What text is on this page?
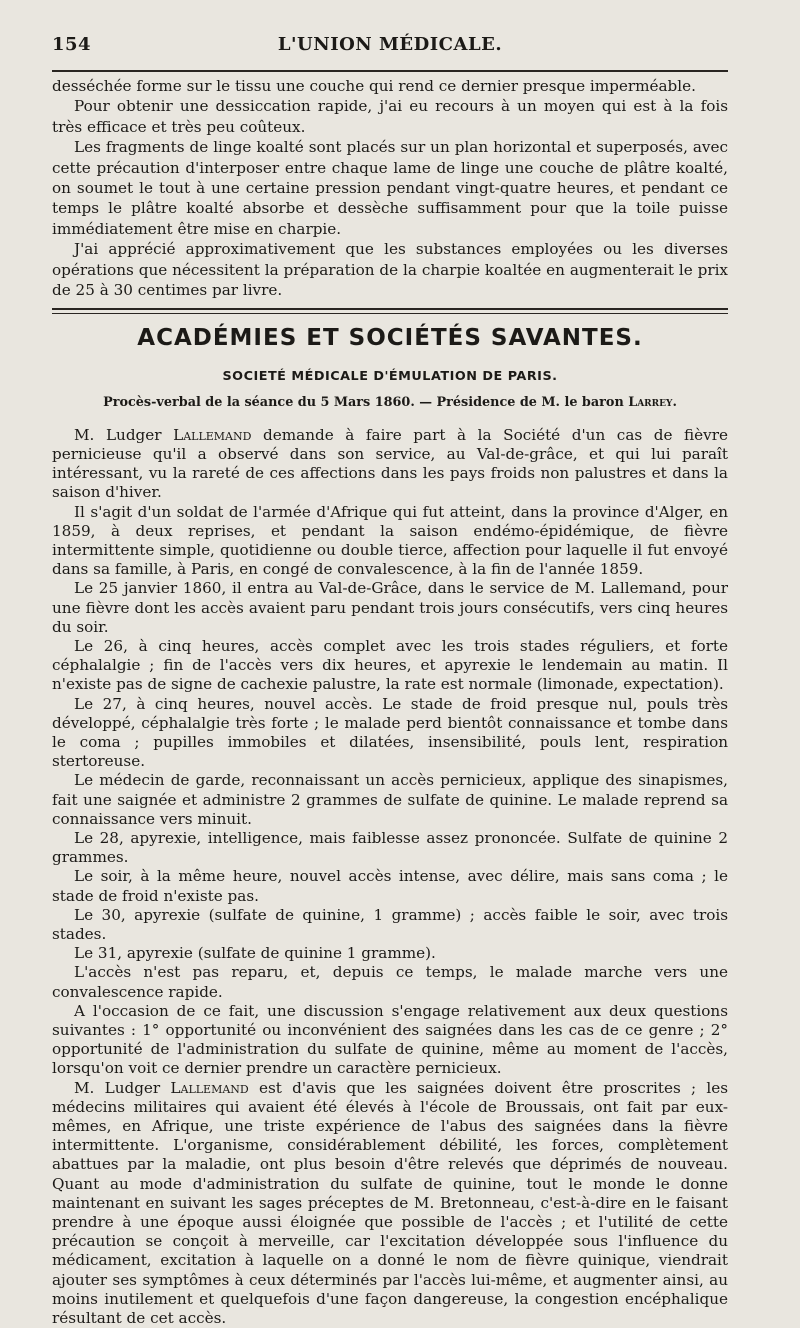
154	L'UNION MÉDICALE.

desséchée forme sur le tissu une couche qui rend ce dernier presque imperméable.

Pour obtenir une dessiccation rapide, j'ai eu recours à un moyen qui est à la fois très efficace et très peu coûteux.

Les fragments de linge koalté sont placés sur un plan horizontal et superposés, avec cette précaution d'interposer entre chaque lame de linge une couche de plâtre koalté, on soumet le tout à une certaine pression pendant vingt-quatre heures, et pendant ce temps le plâtre koalté absorbe et dessèche suffisamment pour que la toile puisse immédiatement être mise en charpie.

J'ai apprécié approximativement que les substances employées ou les diverses opérations que nécessitent la préparation de la charpie koaltée en augmenterait le prix de 25 à 30 centimes par livre.

ACADÉMIES ET SOCIÉTÉS SAVANTES.
SOCIETÉ MÉDICALE D'ÉMULATION DE PARIS.
Procès-verbal de la séance du 5 Mars 1860. — Présidence de M. le baron Larrey.

M. Ludger Lallemand demande à faire part à la Société d'un cas de fièvre pernicieuse qu'il a observé dans son service, au Val-de-grâce, et qui lui paraît intéressant, vu la rareté de ces affections dans les pays froids non palustres et dans la saison d'hiver.

Il s'agit d'un soldat de l'armée d'Afrique qui fut atteint, dans la province d'Alger, en 1859, à deux reprises, et pendant la saison endémo-épidémique, de fièvre intermittente simple, quotidienne ou double tierce, affection pour laquelle il fut envoyé dans sa famille, à Paris, en congé de convalescence, à la fin de l'année 1859.

Le 25 janvier 1860, il entra au Val-de-Grâce, dans le service de M. Lallemand, pour une fièvre dont les accès avaient paru pendant trois jours consécutifs, vers cinq heures du soir.

Le 26, à cinq heures, accès complet avec les trois stades réguliers, et forte céphalalgie ; fin de l'accès vers dix heures, et apyrexie le lendemain au matin. Il n'existe pas de signe de cachexie palustre, la rate est normale (limonade, expectation).

Le 27, à cinq heures, nouvel accès. Le stade de froid presque nul, pouls très développé, céphalalgie très forte ; le malade perd bientôt connaissance et tombe dans le coma ; pupilles immobiles et dilatées, insensibilité, pouls lent, respiration stertoreuse.

Le médecin de garde, reconnaissant un accès pernicieux, applique des sinapismes, fait une saignée et administre 2 grammes de sulfate de quinine. Le malade reprend sa connaissance vers minuit.

Le 28, apyrexie, intelligence, mais faiblesse assez prononcée. Sulfate de quinine 2 grammes.

Le soir, à la même heure, nouvel accès intense, avec délire, mais sans coma ; le stade de froid n'existe pas.

Le 30, apyrexie (sulfate de quinine, 1 gramme) ; accès faible le soir, avec trois stades.

Le 31, apyrexie (sulfate de quinine 1 gramme).

L'accès n'est pas reparu, et, depuis ce temps, le malade marche vers une convalescence rapide.

A l'occasion de ce fait, une discussion s'engage relativement aux deux questions suivantes : 1° opportunité ou inconvénient des saignées dans les cas de ce genre ; 2° opportunité de l'administration du sulfate de quinine, même au moment de l'accès, lorsqu'on voit ce dernier prendre un caractère pernicieux.

M. Ludger Lallemand est d'avis que les saignées doivent être proscrites ; les médecins militaires qui avaient été élevés à l'école de Broussais, ont fait par eux-mêmes, en Afrique, une triste expérience de l'abus des saignées dans la fièvre intermittente. L'organisme, considérablement débilité, les forces, complètement abattues par la maladie, ont plus besoin d'être relevés que déprimés de nouveau. Quant au mode d'administration du sulfate de quinine, tout le monde le donne maintenant en suivant les sages préceptes de M. Bretonneau, c'est-à-dire en le faisant prendre à une époque aussi éloignée que possible de l'accès ; et l'utilité de cette précaution se conçoit à merveille, car l'excitation développée sous l'influence du médicament, excitation à laquelle on a donné le nom de fièvre quinique, viendrait ajouter ses symptômes à ceux déterminés par l'accès lui-même, et augmenter ainsi, au moins inutilement et quelquefois d'une façon dangereuse, la congestion encéphalique résultant de cet accès.
